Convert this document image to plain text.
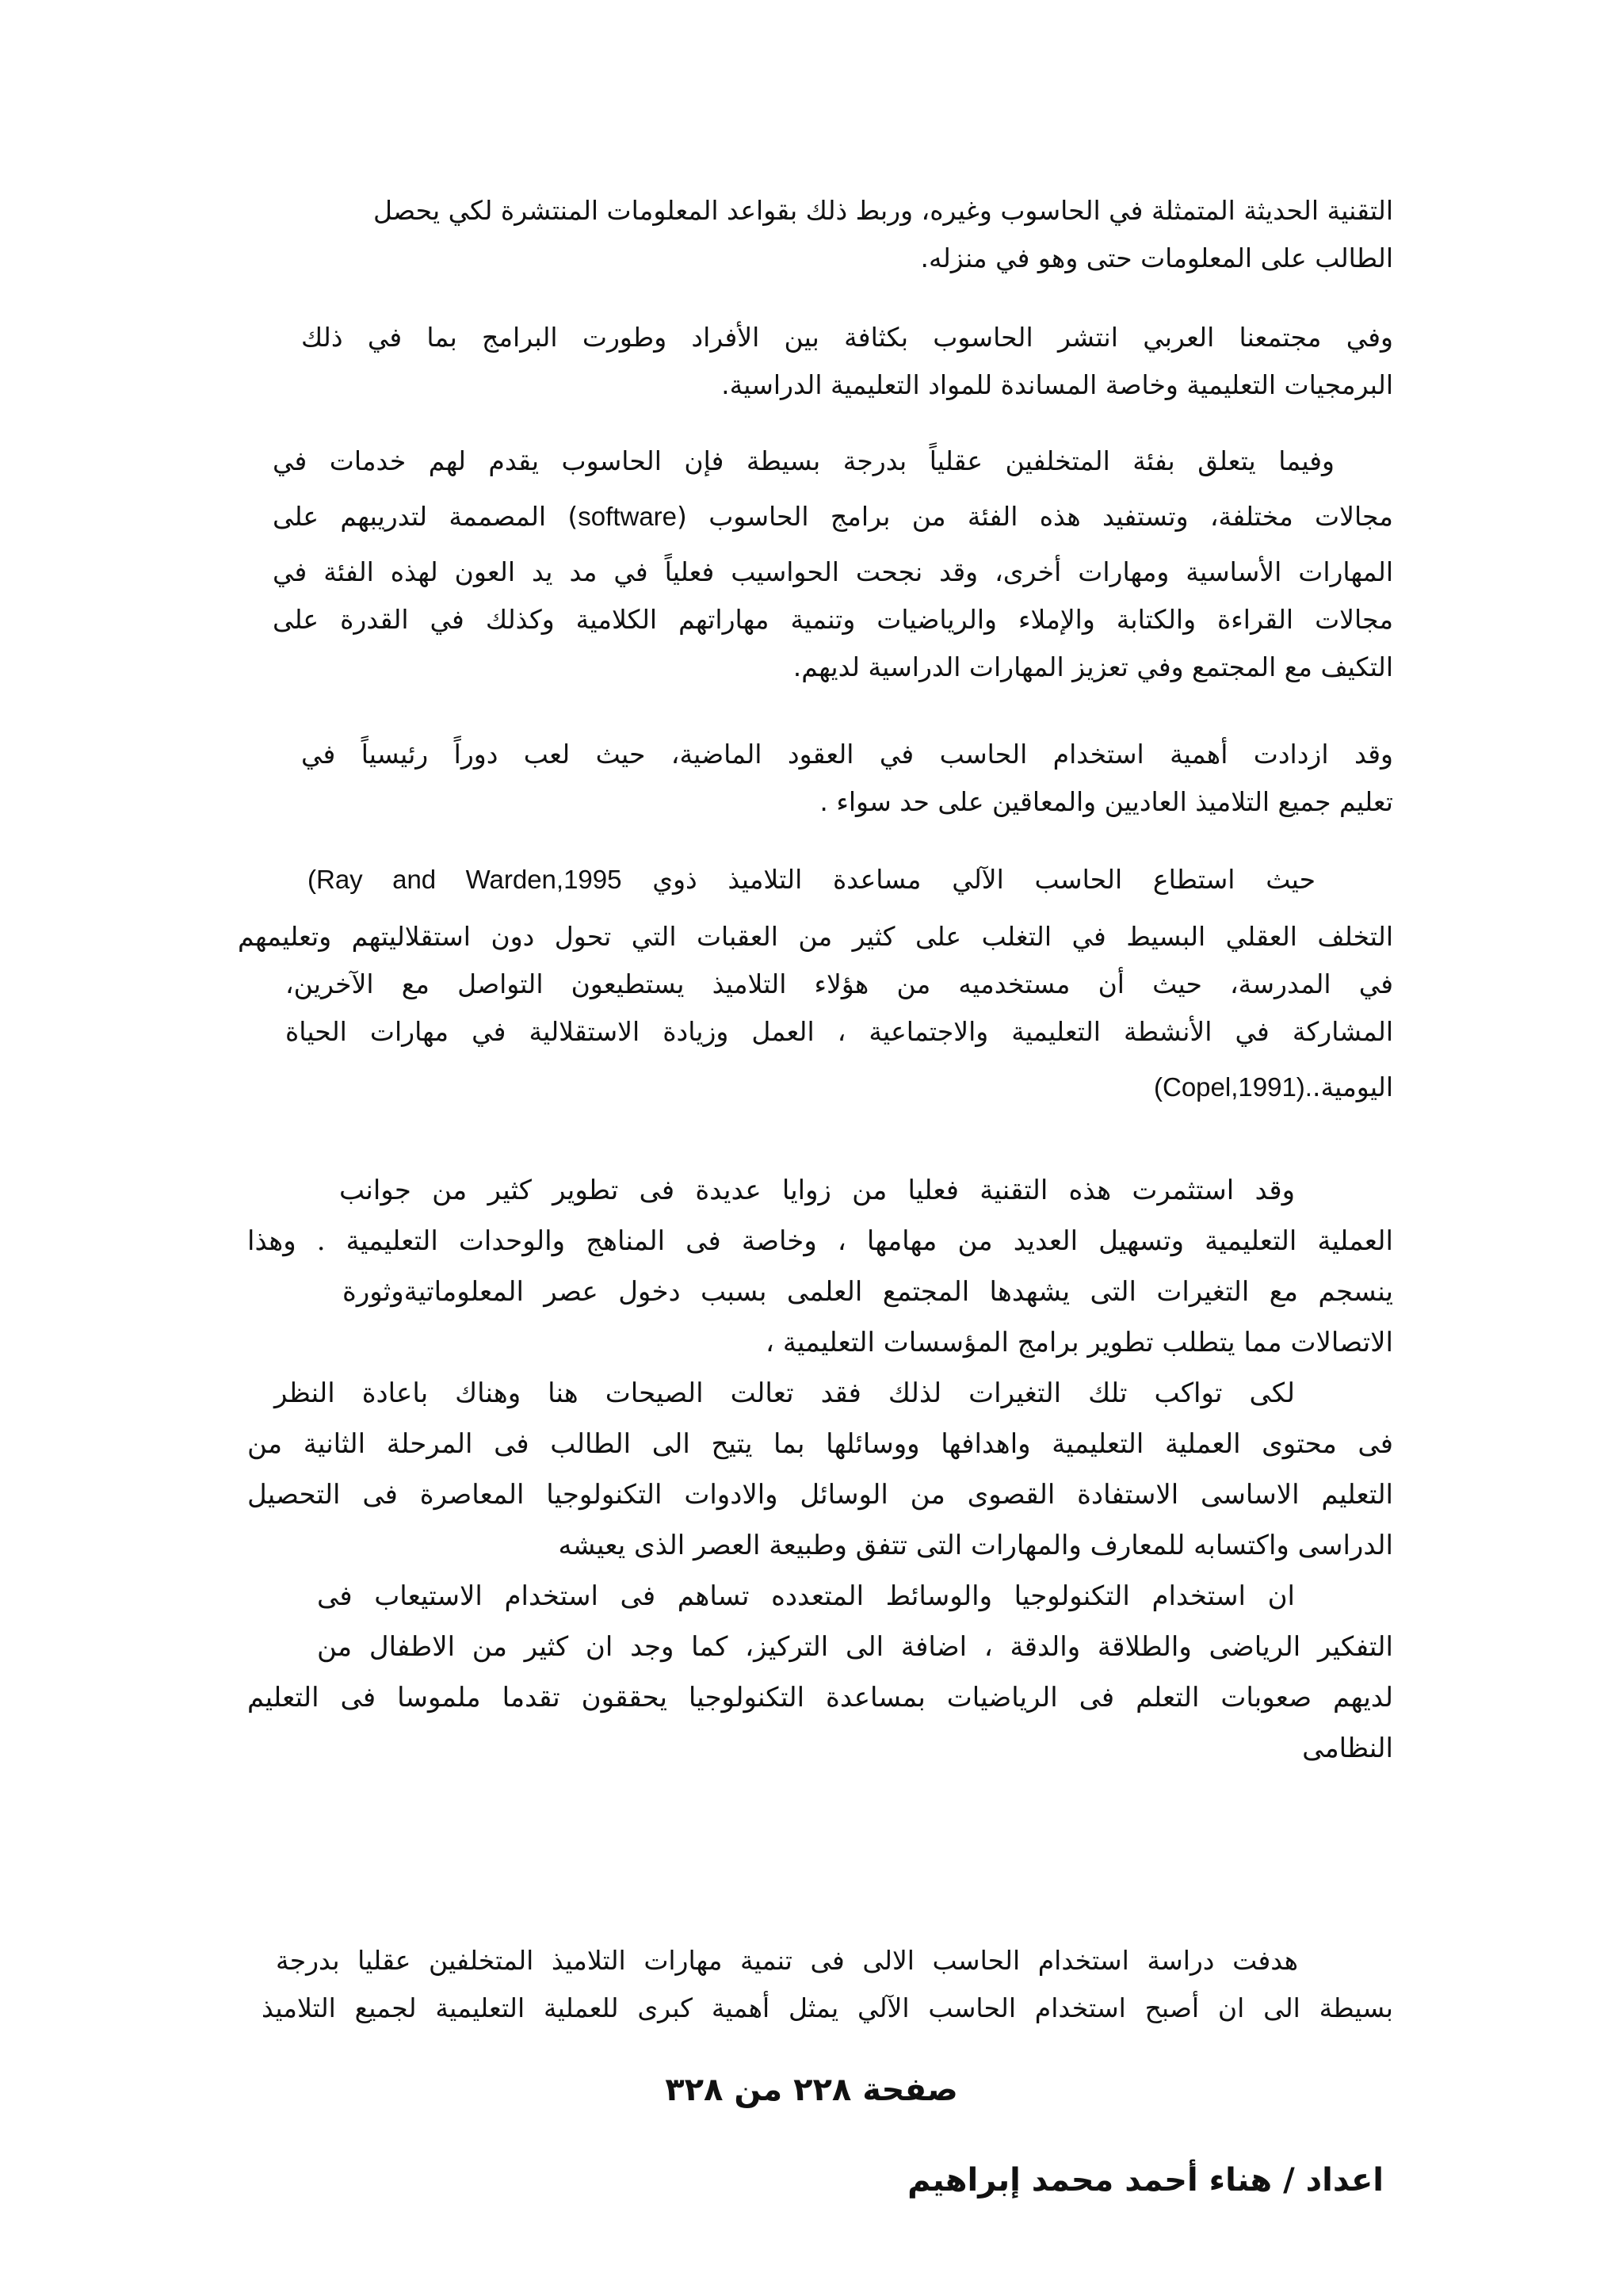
التقنية الحديثة المتمثلة في الحاسوب وغيره، وربط ذلك بقواعد المعلومات المنتشرة لكي يحصل

الطالب على المعلومات حتى وهو في منزله.

وفي مجتمعنا العربي انتشر الحاسوب بكثافة بين الأفراد وطورت البرامج بما في ذلك

البرمجيات التعليمية وخاصة المساندة للمواد التعليمية الدراسية.

وفيما يتعلق بفئة المتخلفين عقلياً بدرجة بسيطة فإن الحاسوب يقدم لهم خدمات في

مجالات مختلفة، وتستفيد هذه الفئة من برامج الحاسوب (software) المصممة لتدريبهم على

المهارات الأساسية ومهارات أخرى، وقد نجحت الحواسيب فعلياً في مد يد العون لهذه الفئة في

مجالات القراءة والكتابة والإملاء والرياضيات وتنمية مهاراتهم الكلامية وكذلك في القدرة على

التكيف مع المجتمع وفي تعزيز المهارات الدراسية لديهم.

وقد ازدادت أهمية استخدام الحاسب في العقود الماضية، حيث لعب دوراً رئيسياً في

تعليم جميع التلاميذ العاديين والمعاقين على حد سواء .

حيث استطاع الحاسب الآلي مساعدة التلاميذ ذوي (Ray and Warden,1995

التخلف العقلي البسيط في التغلب على كثير من العقبات التي تحول دون استقلاليتهم وتعليمهم

في المدرسة، حيث أن مستخدميه من هؤلاء التلاميذ يستطيعون التواصل مع الآخرين،

المشاركة في الأنشطة التعليمية والاجتماعية ، العمل وزيادة الاستقلالية في مهارات الحياة

اليومية.(Copel,1991).

وقد استثمرت هذه التقنية فعليا من زوايا عديدة فى تطوير كثير من جوانب

العملية التعليمية وتسهيل العديد من مهامها ، وخاصة فى المناهج والوحدات التعليمية . وهذا

ينسجم مع التغيرات التى يشهدها المجتمع العلمى بسبب دخول عصر المعلوماتيةوثورة

الاتصالات مما يتطلب تطوير برامج المؤسسات التعليمية ،

لكى تواكب تلك التغيرات لذلك فقد تعالت الصيحات هنا وهناك باعادة النظر

فى محتوى العملية التعليمية واهدافها ووسائلها بما يتيح الى الطالب فى المرحلة الثانية من

التعليم الاساسى الاستفادة القصوى من الوسائل والادوات التكنولوجيا المعاصرة فى التحصيل

الدراسى واكتسابه للمعارف والمهارات التى تتفق وطبيعة العصر الذى يعيشه

ان استخدام التكنولوجيا والوسائط المتعدده تساهم فى استخدام الاستيعاب فى

التفكير الرياضى والطلاقة والدقة ، اضافة الى التركيز، كما وجد ان كثير من الاطفال من

لديهم صعوبات التعلم فى الرياضيات بمساعدة التكنولوجيا يحققون تقدما ملموسا فى التعليم

النظامى

هدفت دراسة استخدام الحاسب الالى فى تنمية مهارات التلاميذ المتخلفين عقليا بدرجة

بسيطة الى ان أصبح استخدام الحاسب الآلي يمثل أهمية كبرى للعملية التعليمية لجميع التلاميذ

صفحة ٢٢٨ من ٣٢٨
اعداد / هناء أحمد محمد إبراهيم
